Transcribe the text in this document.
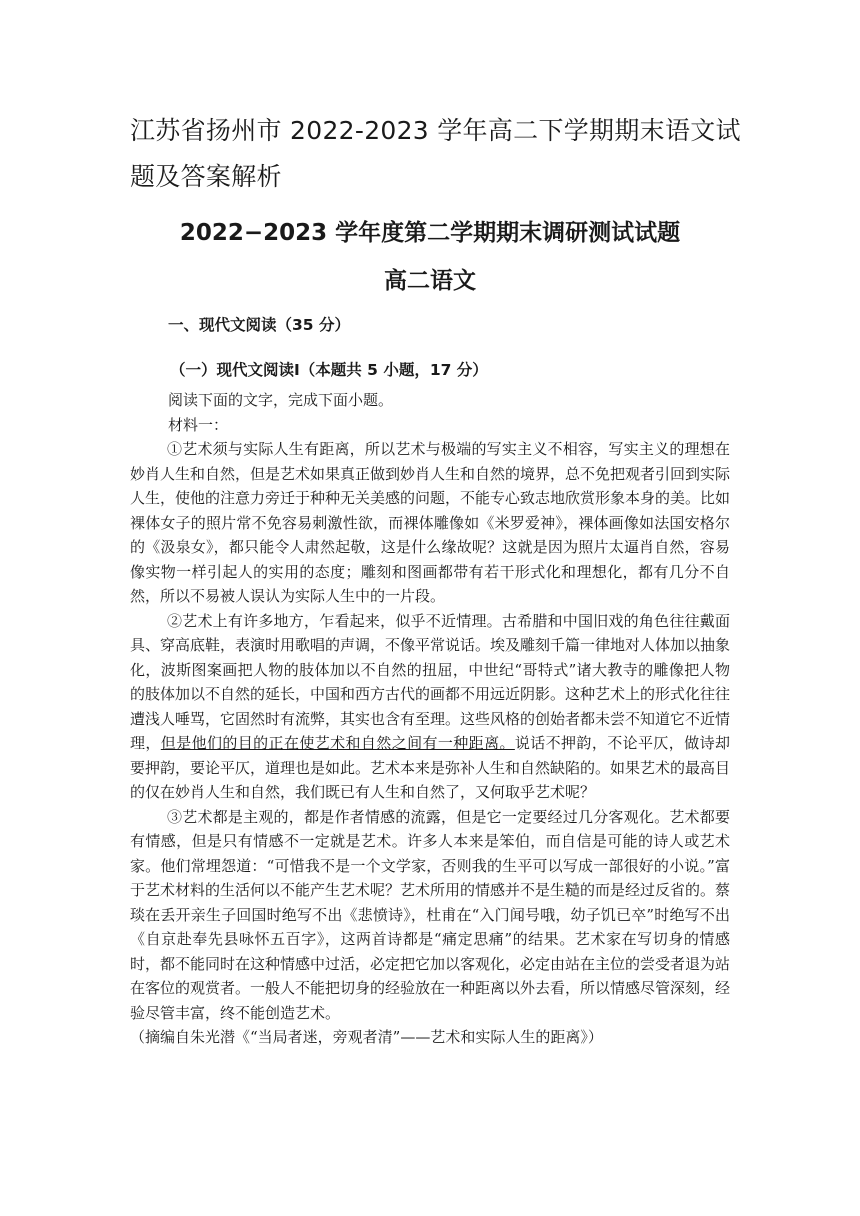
江苏省扬州市 2022-2023 学年高二下学期期末语文试题及答案解析
2022−2023 学年度第二学期期末调研测试试题
高二语文
一、现代文阅读（35 分）
（一）现代文阅读Ⅰ（本题共 5 小题，17 分）

阅读下面的文字，完成下面小题。

材料一：

①艺术须与实际人生有距离，所以艺术与极端的写实主义不相容，写实主义的理想在妙肖人生和自然，但是艺术如果真正做到妙肖人生和自然的境界，总不免把观者引回到实际人生，使他的注意力旁迁于种种无关美感的问题，不能专心致志地欣赏形象本身的美。比如裸体女子的照片常不免容易刺激性欲，而裸体雕像如《米罗爱神》，裸体画像如法国安格尔的《汲泉女》，都只能令人肃然起敬，这是什么缘故呢？这就是因为照片太逼肖自然，容易像实物一样引起人的实用的态度；雕刻和图画都带有若干形式化和理想化，都有几分不自然，所以不易被人误认为实际人生中的一片段。

②艺术上有许多地方，乍看起来，似乎不近情理。古希腊和中国旧戏的角色往往戴面具、穿高底鞋，表演时用歌唱的声调，不像平常说话。埃及雕刻千篇一律地对人体加以抽象化，波斯图案画把人物的肢体加以不自然的扭屈，中世纪“哥特式”诸大教寺的雕像把人物的肢体加以不自然的延长，中国和西方古代的画都不用远近阴影。这种艺术上的形式化往往遭浅人唾骂，它固然时有流弊，其实也含有至理。这些风格的创始者都未尝不知道它不近情理，但是他们的目的正在使艺术和自然之间有一种距离。说话不押韵，不论平仄，做诗却要押韵，要论平仄，道理也是如此。艺术本来是弥补人生和自然缺陷的。如果艺术的最高目的仅在妙肖人生和自然，我们既已有人生和自然了，又何取乎艺术呢？

③艺术都是主观的，都是作者情感的流露，但是它一定要经过几分客观化。艺术都要有情感，但是只有情感不一定就是艺术。许多人本来是笨伯，而自信是可能的诗人或艺术家。他们常埋怨道：“可惜我不是一个文学家，否则我的生平可以写成一部很好的小说。”富于艺术材料的生活何以不能产生艺术呢？艺术所用的情感并不是生糙的而是经过反省的。蔡琰在丢开亲生子回国时绝写不出《悲愤诗》，杜甫在“入门闻号哦，幼子饥已卒”时绝写不出《自京赴奉先县咏怀五百字》，这两首诗都是“痛定思痛”的结果。艺术家在写切身的情感时，都不能同时在这种情感中过活，必定把它加以客观化，必定由站在主位的尝受者退为站在客位的观赏者。一般人不能把切身的经验放在一种距离以外去看，所以情感尽管深刻，经验尽管丰富，终不能创造艺术。

（摘编自朱光潜《“当局者迷，旁观者清”——艺术和实际人生的距离》）
